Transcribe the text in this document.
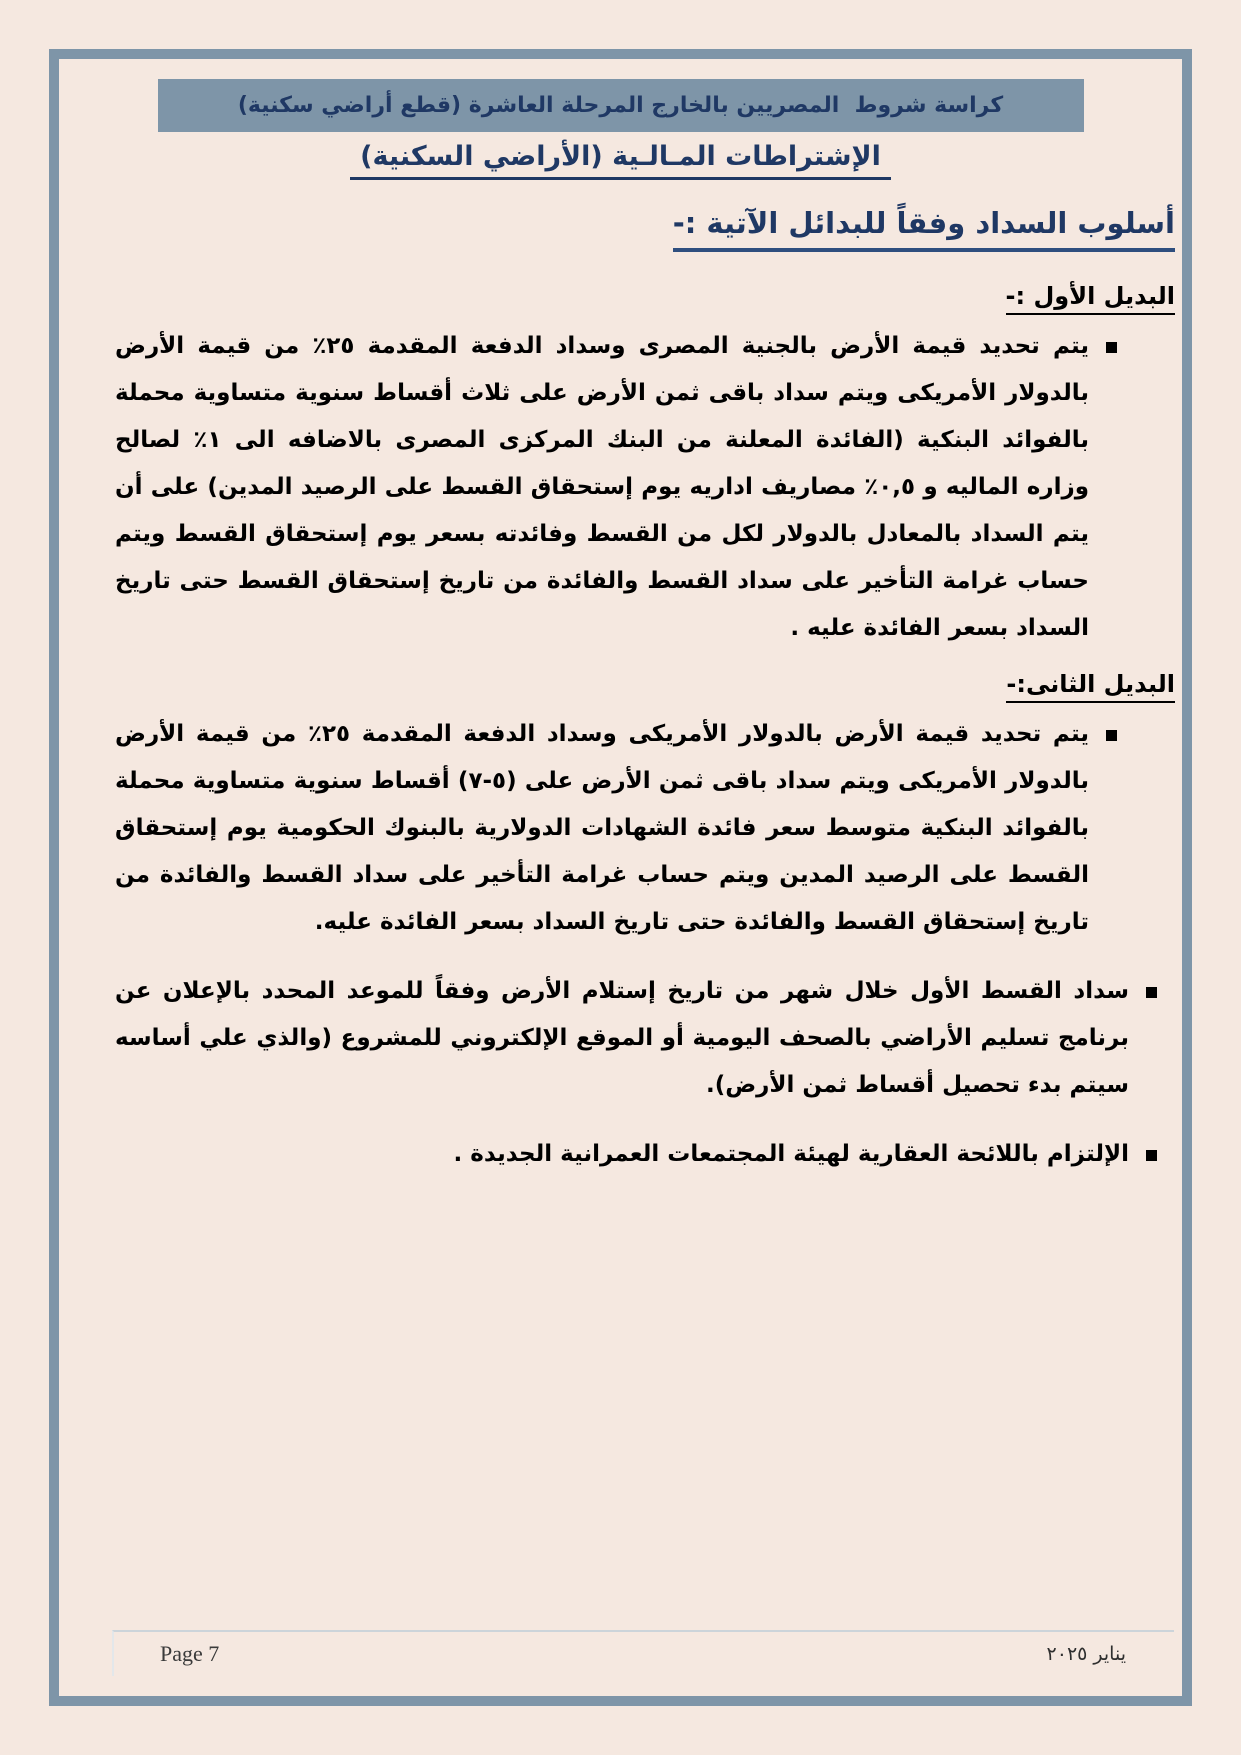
كراسة شروط  المصريين بالخارج المرحلة العاشرة (قطع أراضي سكنية)
الإشتراطات المـالـية (الأراضي السكنية)
أسلوب السداد وفقاً للبدائل الآتية :-
البديل الأول :-
يتم تحديد قيمة الأرض بالجنية المصرى وسداد الدفعة المقدمة ٢٥٪ من قيمة الأرض بالدولار الأمريكى ويتم سداد باقى ثمن الأرض على ثلاث أقساط سنوية متساوية محملة بالفوائد البنكية (الفائدة المعلنة من البنك المركزى المصرى بالاضافه الى ١٪ لصالح وزاره الماليه و ٠,٥٪ مصاريف اداريه يوم إستحقاق القسط على الرصيد المدين) على أن يتم السداد بالمعادل بالدولار لكل من القسط وفائدته بسعر يوم إستحقاق القسط ويتم حساب غرامة التأخير على سداد القسط والفائدة من تاريخ إستحقاق القسط حتى تاريخ السداد بسعر الفائدة عليه .
البديل الثانى:-
يتم تحديد قيمة الأرض بالدولار الأمريكى وسداد الدفعة المقدمة ٢٥٪ من قيمة الأرض بالدولار الأمريكى ويتم سداد باقى ثمن الأرض على (٥-٧) أقساط سنوية متساوية محملة بالفوائد البنكية متوسط سعر فائدة الشهادات الدولارية بالبنوك الحكومية يوم إستحقاق القسط على الرصيد المدين ويتم حساب غرامة التأخير على سداد القسط والفائدة من تاريخ إستحقاق القسط والفائدة حتى تاريخ السداد بسعر الفائدة عليه.
سداد القسط الأول خلال شهر من تاريخ إستلام الأرض وفقاً للموعد المحدد بالإعلان عن برنامج تسليم الأراضي بالصحف اليومية أو الموقع الإلكتروني للمشروع (والذي علي أساسه سيتم بدء تحصيل أقساط ثمن الأرض).
الإلتزام باللائحة العقارية لهيئة المجتمعات العمرانية الجديدة .
Page 7	يناير ٢٠٢٥
